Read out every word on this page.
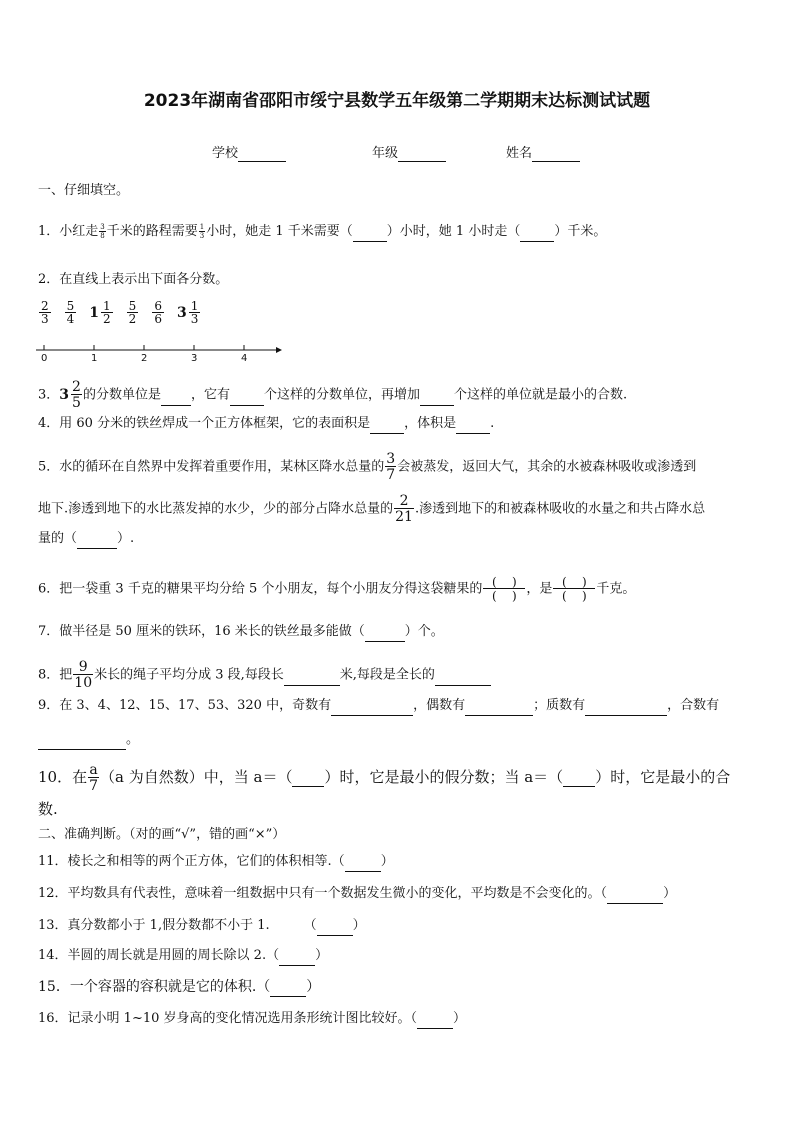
2023年湖南省邵阳市绥宁县数学五年级第二学期期末达标测试试题
学校	年级	姓名
一、仔细填空。
1．小红走 $\frac{3}{8}$ 千米的路程需要 $\frac{1}{3}$ 小时，她走 1 千米需要（	）小时，她 1 小时走（	）千米。
2．在直线上表示出下面各分数。
$\frac{2}{3} \frac{5}{4} 1 \frac{1}{2} \frac{5}{2} \frac{6}{6} 3 \frac{1}{3}$
0	1	2	3	4
3． $3 \frac{2}{5}$ 的分数单位是 ，它有	个这样的分数单位，再增加	个这样的单位就是最小的合数.
4．用 60 分米的铁丝焊成一个正方体框架，它的表面积是	，体积是	.
5．水的循环在自然界中发挥着重要作用，某林区降水总量的 $\frac{3}{7}$ 会被蒸发，返回大气，其余的水被森林吸收或渗透到
地下.渗透到地下的水比蒸发掉的水少，少的部分占降水总量的 $\frac{2}{21}$ .渗透到地下的和被森林吸收的水量之和共占降水总
量的（	）.
6．把一袋重 3 千克的糖果平均分给 5 个小朋友，每个小朋友分得这袋糖果的 $\frac{( )}{( )}$ ，是 $\frac{( )}{( )}$ 千克。
7．做半径是 50 厘米的铁环，16 米长的铁丝最多能做（	）个。
8．把 $\frac{9}{10}$ 米长的绳子平均分成 3 段,每段长	米,每段是全长的
9．在 3、4、12、15、17、53、320 中，奇数有	，偶数有	；质数有	，合数有
。
10．在 $\frac{a}{7} (a$ 为自然数）中，当 a＝（ ）时，它是最小的假分数；当 a＝（ ）时，它是最小的合
数.
二、准确判断。（对的画“√”，错的画“×”）
11．棱长之和相等的两个正方体，它们的体积相等.（	）
12．平均数具有代表性，意味着一组数据中只有一个数据发生微小的变化，平均数是不会变化的。（	）
13．真分数都小于 1,假分数都不小于 1.	（	）
14．半圆的周长就是用圆的周长除以 2.（	）
15．一个容器的容积就是它的体积.（	）
16．记录小明 1~10 岁身高的变化情况选用条形统计图比较好。（	）
